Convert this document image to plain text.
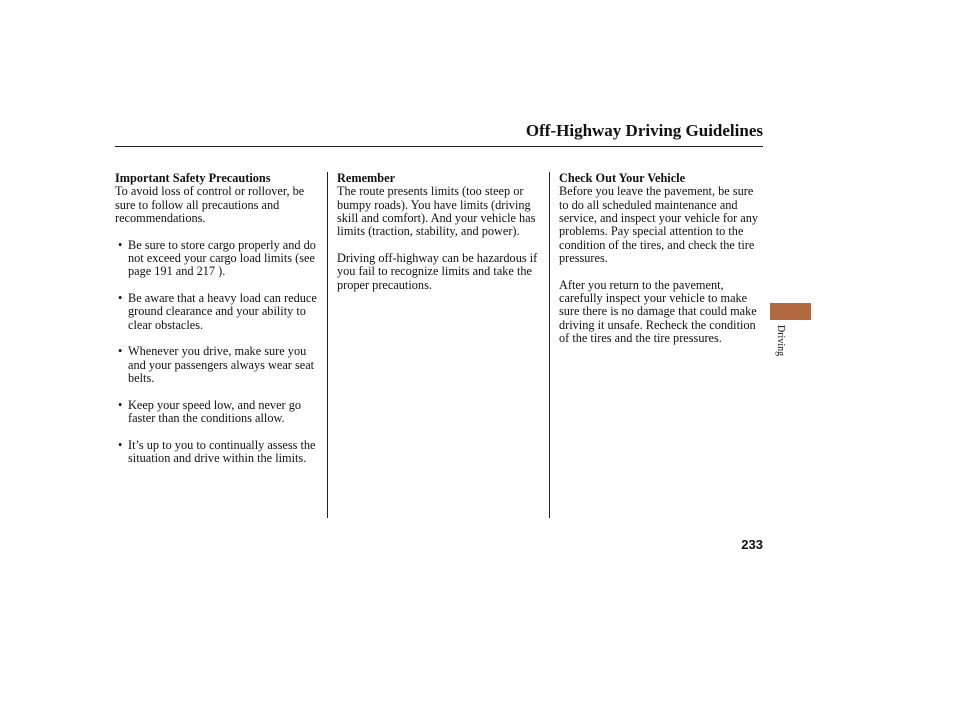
Off-Highway Driving Guidelines
Important Safety Precautions

To avoid loss of control or rollover, be sure to follow all precautions and recommendations.

• Be sure to store cargo properly and do not exceed your cargo load limits (see page 191 and 217 ).
• Be aware that a heavy load can reduce ground clearance and your ability to clear obstacles.
• Whenever you drive, make sure you and your passengers always wear seat belts.
• Keep your speed low, and never go faster than the conditions allow.
• It’s up to you to continually assess the situation and drive within the limits.
Remember

The route presents limits (too steep or bumpy roads). You have limits (driving skill and comfort). And your vehicle has limits (traction, stability, and power).

Driving off-highway can be hazardous if you fail to recognize limits and take the proper precautions.

Check Out Your Vehicle

Before you leave the pavement, be sure to do all scheduled maintenance and service, and inspect your vehicle for any problems. Pay special attention to the condition of the tires, and check the tire pressures.

After you return to the pavement, carefully inspect your vehicle to make sure there is no damage that could make driving it unsafe. Recheck the condition of the tires and the tire pressures.	Driving
233
